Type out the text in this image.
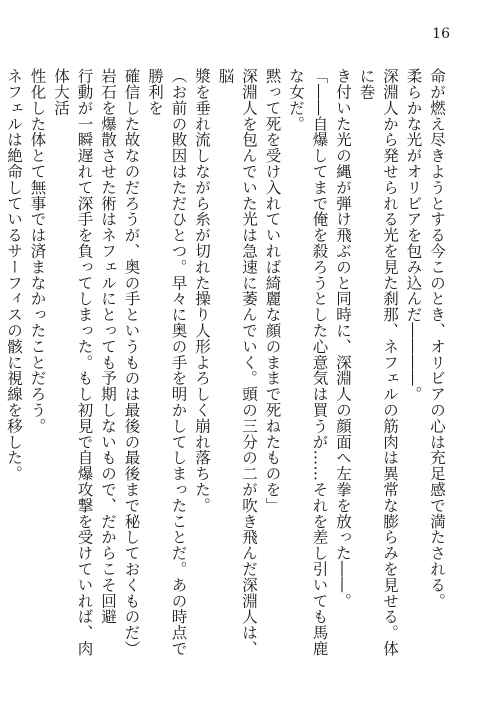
16

命が燃え尽きようとする今このとき、オリビアの心は充足感で満たされる。

柔らかな光がオリビアを包み込んだ――――。

深淵人から発せられる光を見た刹那、ネフェルの筋肉は異常な膨らみを見せる。体に巻

き付いた光の縄が弾け飛ぶのと同時に、深淵人の顔面へ左拳を放った――。

「――自爆してまで俺を殺ろうとした心意気は買うが……それを差し引いても馬鹿な女だ。

黙って死を受け入れていれば綺麗な顔のままで死ねたものを」

深淵人を包んでいた光は急速に萎んでいく。頭の三分の二が吹き飛んだ深淵人は、脳

漿を垂れ流しながら糸が切れた操り人形よろしく崩れ落ちた。

（お前の敗因はただひとつ。早々に奥の手を明かしてしまったことだ。あの時点で勝利を

確信した故なのだろうが、奥の手というものは最後の最後まで秘しておくものだ）

岩石を爆散させた術はネフェルにとっても予期しないもので、だからこそ回避

行動が一瞬遅れて深手を負ってしまった。もし初見で自爆攻撃を受けていれば、肉体大活

性化した体とて無事では済まなかったことだろう。

ネフェルは絶命しているサーフィスの骸に視線を移した。
